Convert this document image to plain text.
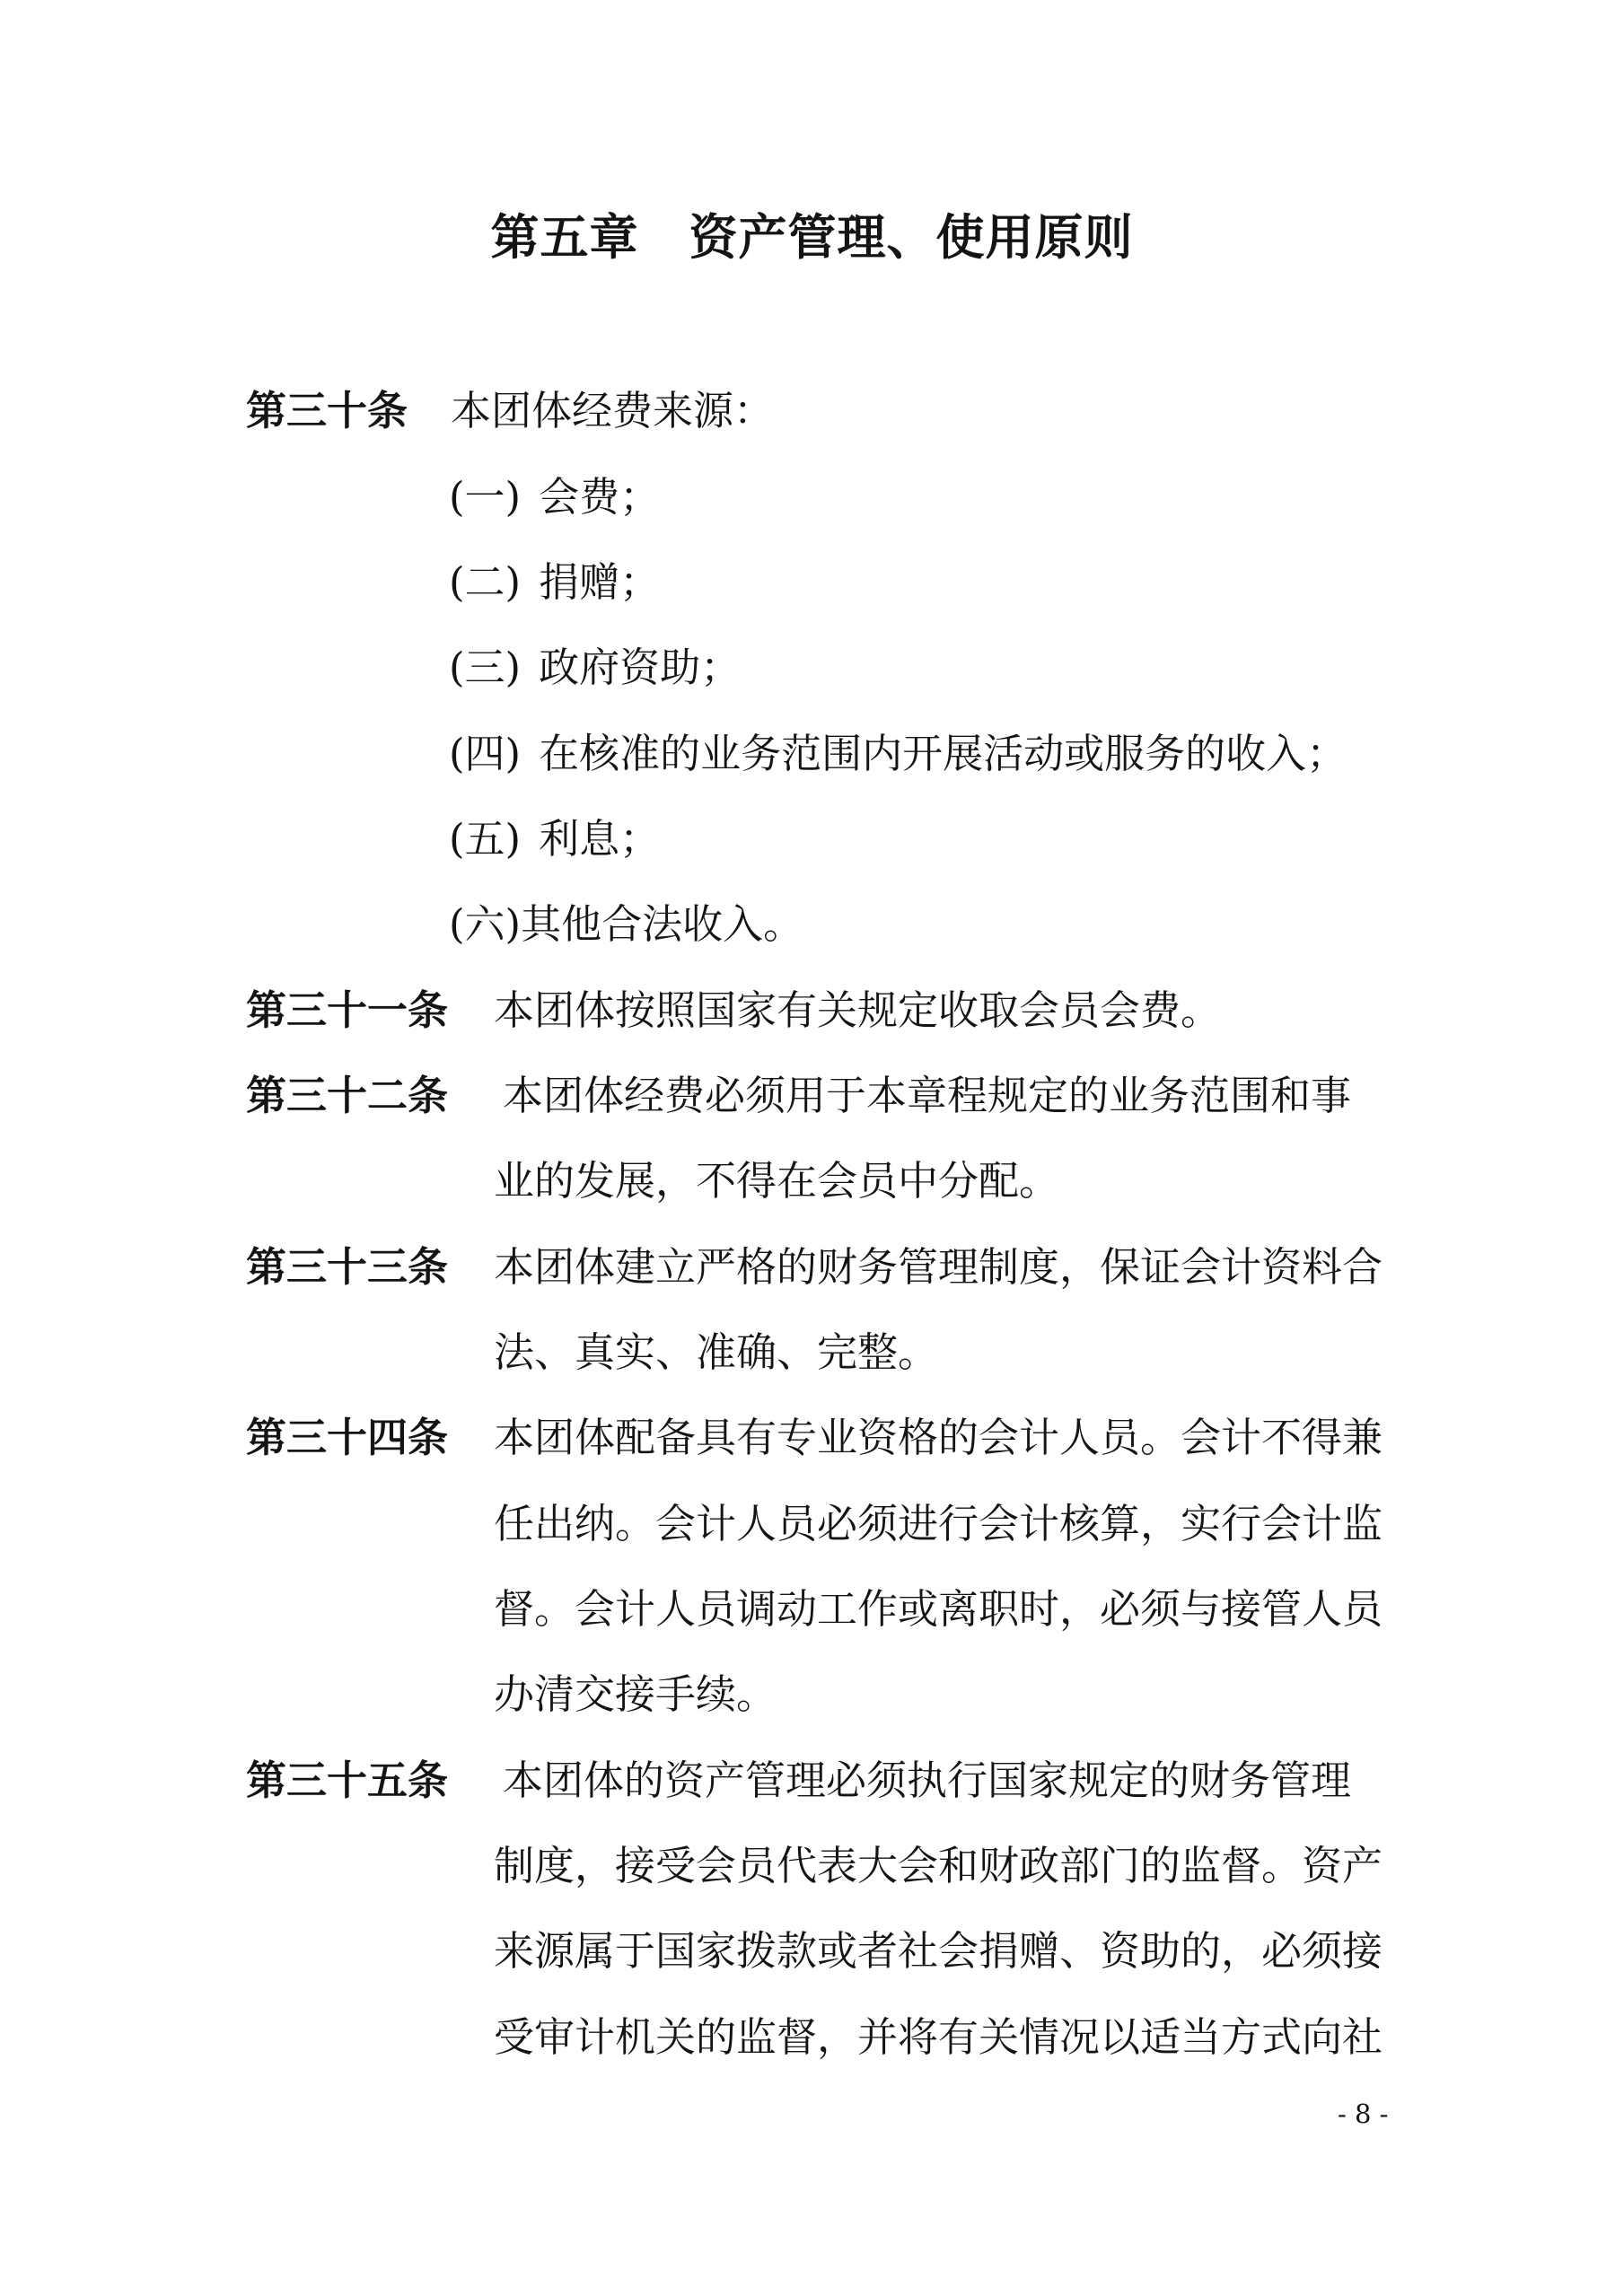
第五章 资产管理、使用原则
第三十条 本团体经费来源：
(一) 会费；
(二) 捐赠；
(三) 政府资助；
(四) 在核准的业务范围内开展活动或服务的收入；
(五) 利息；
(六)其他合法收入。
第三十一条 本团体按照国家有关规定收取会员会费。
第三十二条 本团体经费必须用于本章程规定的业务范围和事
业的发展，不得在会员中分配。
第三十三条 本团体建立严格的财务管理制度，保证会计资料合
法、真实、准确、完整。
第三十四条 本团体配备具有专业资格的会计人员。会计不得兼
任出纳。会计人员必须进行会计核算，实行会计监
督。会计人员调动工作或离职时，必须与接管人员
办清交接手续。
第三十五条 本团体的资产管理必须执行国家规定的财务管理
制度，接受会员代表大会和财政部门的监督。资产
来源属于国家拨款或者社会捐赠、资助的，必须接
受审计机关的监督，并将有关情况以适当方式向社
- 8 -
